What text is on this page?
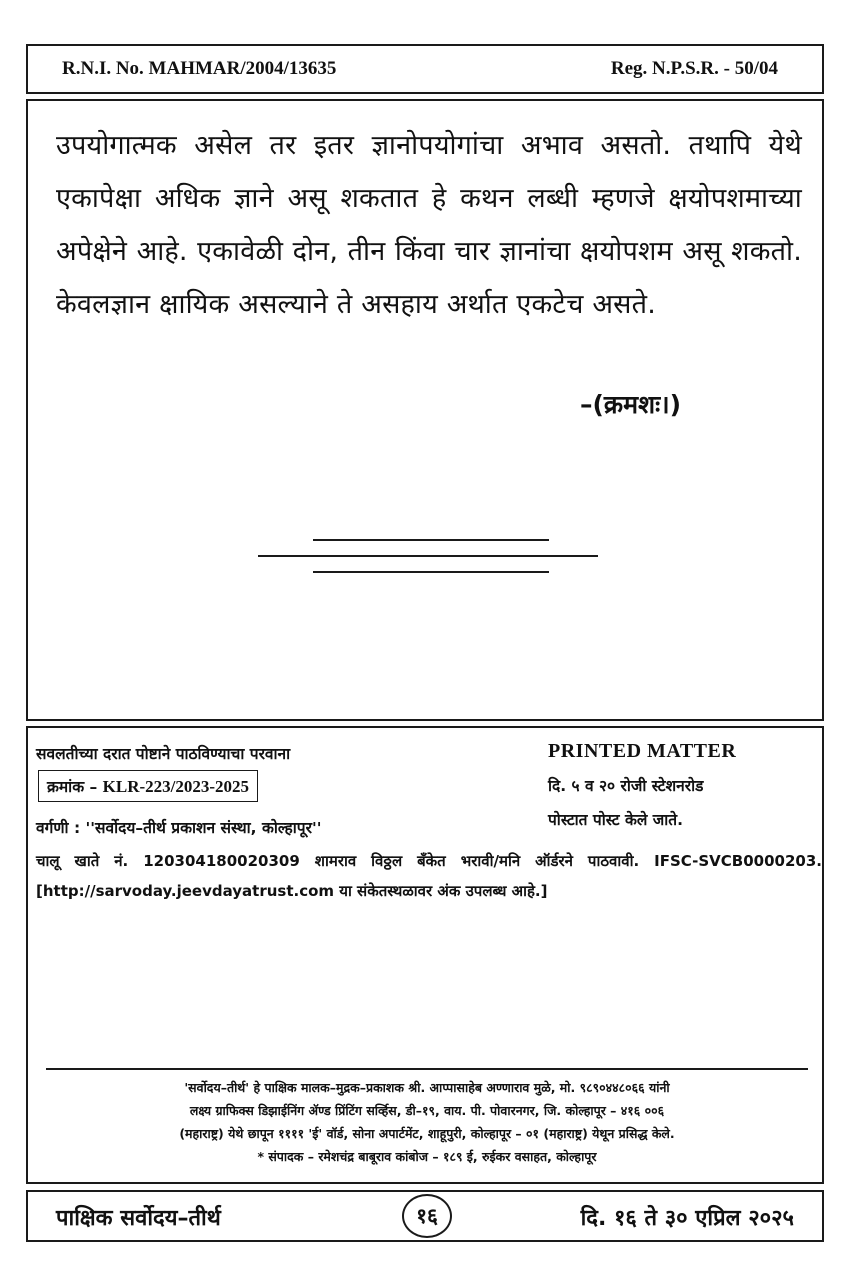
R.N.I. No. MAHMAR/2004/13635	Reg. N.P.S.R. - 50/04
उपयोगात्मक असेल तर इतर ज्ञानोपयोगांचा अभाव असतो. तथापि येथे एकापेक्षा अधिक ज्ञाने असू शकतात हे कथन लब्धी म्हणजे क्षयोपशमाच्या अपेक्षेने आहे. एकावेळी दोन, तीन किंवा चार ज्ञानांचा क्षयोपशम असू शकतो. केवलज्ञान क्षायिक असल्याने ते असहाय अर्थात एकटेच असते.
–(क्रमशः।)
सवलतीच्या दरात पोष्टाने पाठविण्याचा परवाना	PRINTED MATTER
क्रमांक – KLR-223/2023-2025	दि. ५ व २० रोजी स्टेशनरोड
पोस्टात पोस्ट केले जाते.
वर्गणी : ''सर्वोदय–तीर्थ प्रकाशन संस्था, कोल्हापूर''
चालू खाते नं. 120304180020309 शामराव विठ्ठल बँकेत भरावी/मनि ऑर्डरने पाठवावी. IFSC-SVCB0000203. [http://sarvoday.jeevdayatrust.com या संकेतस्थळावर अंक उपलब्ध आहे.]
'सर्वोदय–तीर्थ' हे पाक्षिक मालक–मुद्रक–प्रकाशक श्री. आप्पासाहेब अण्णाराव मुळे, मो. ९८९०४४८०६६ यांनी
लक्ष्य ग्राफिक्स डिझाईनिंग ॲण्ड प्रिंटिंग सर्व्हिस, डी–१९, वाय. पी. पोवारनगर, जि. कोल्हापूर – ४१६ ००६
(महाराष्ट्र) येथे छापून ११११ 'ई' वॉर्ड, सोना अपार्टमेंट, शाहूपुरी, कोल्हापूर – ०१ (महाराष्ट्र) येथून प्रसिद्ध केले.
* संपादक – रमेशचंद्र बाबूराव कांबोज – १८९ ई, रुईकर वसाहत, कोल्हापूर
पाक्षिक सर्वोदय–तीर्थ	१६	दि. १६ ते ३० एप्रिल २०२५
